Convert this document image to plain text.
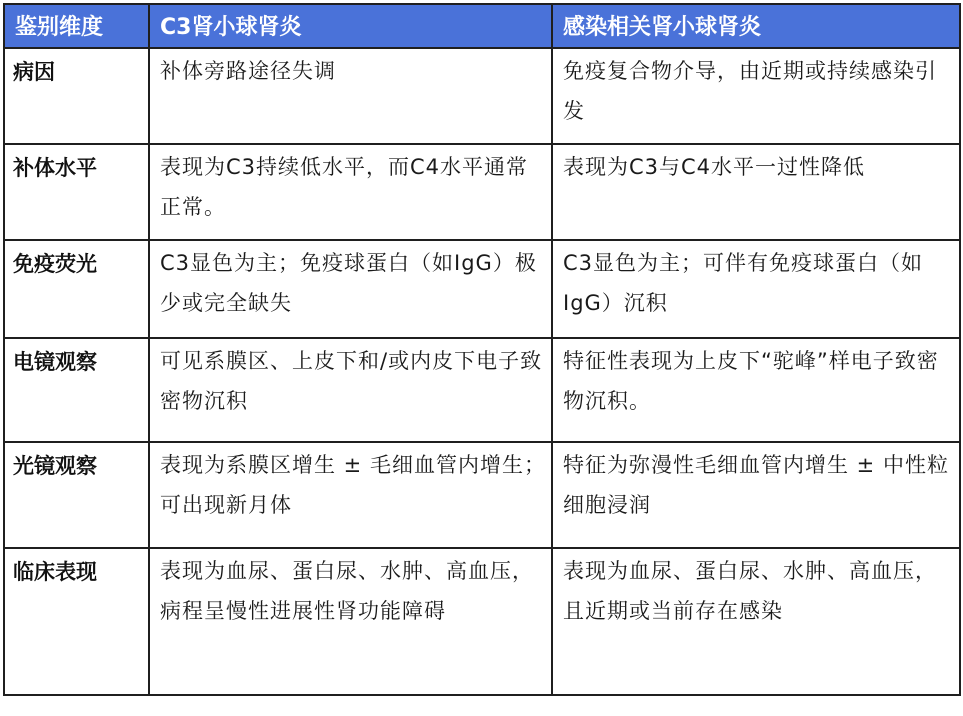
鉴别维度	C3肾小球肾炎	感染相关肾小球肾炎
病因	补体旁路途径失调	免疫复合物介导，由近期或持续感染引发
补体水平	表现为C3持续低水平，而C4水平通常正常。	表现为C3与C4水平一过性降低
免疫荧光	C3显色为主；免疫球蛋白（如IgG）极少或完全缺失	C3显色为主；可伴有免疫球蛋白（如IgG）沉积
电镜观察	可见系膜区、上皮下和/或内皮下电子致密物沉积	特征性表现为上皮下“驼峰”样电子致密物沉积。
光镜观察	表现为系膜区增生 ± 毛细血管内增生；可出现新月体	特征为弥漫性毛细血管内增生 ± 中性粒细胞浸润
临床表现	表现为血尿、蛋白尿、水肿、高血压，病程呈慢性进展性肾功能障碍	表现为血尿、蛋白尿、水肿、高血压，且近期或当前存在感染
